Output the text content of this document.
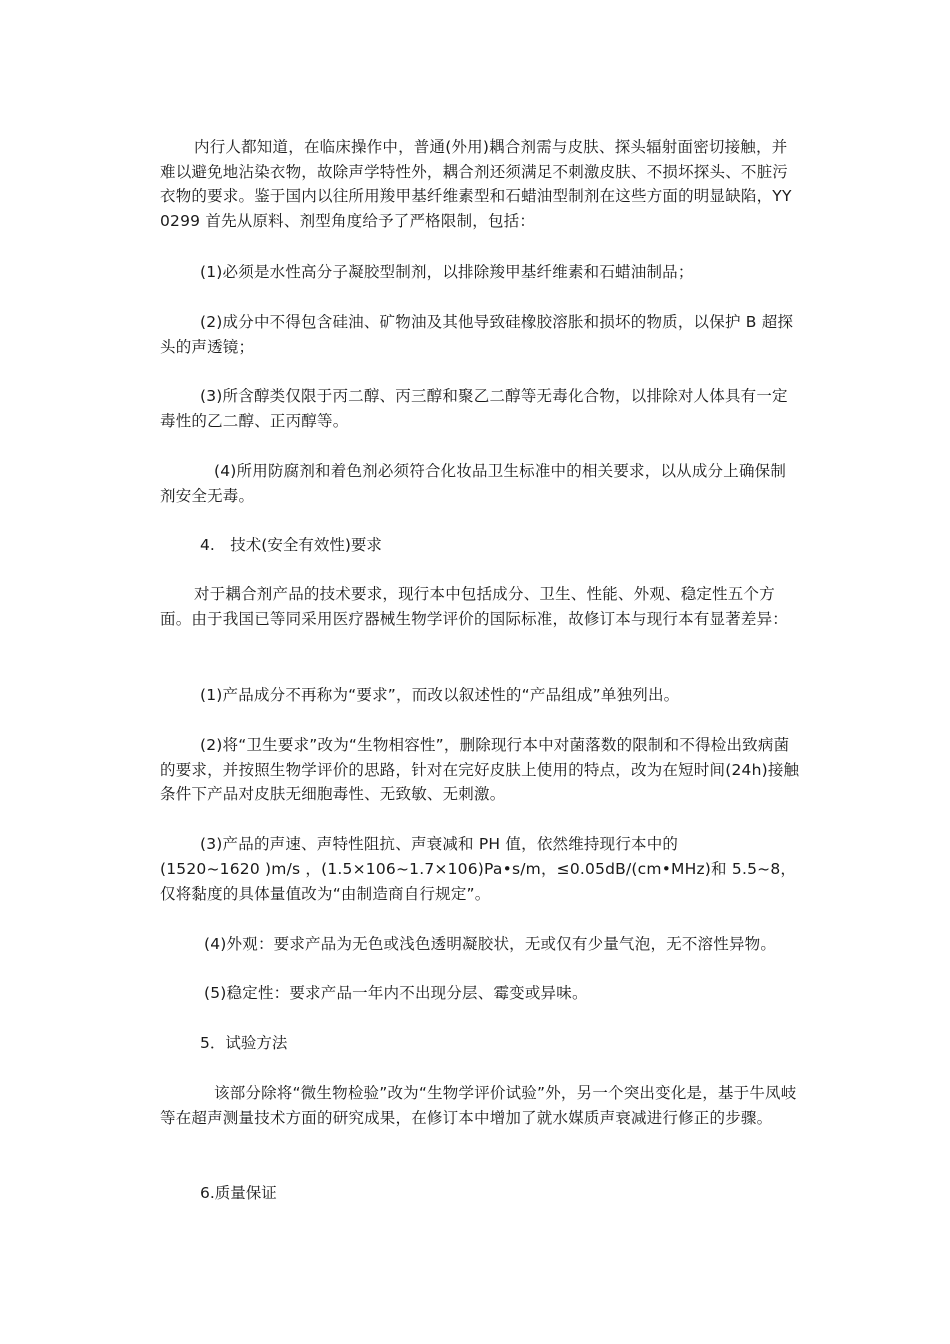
内行人都知道，在临床操作中，普通(外用)耦合剂需与皮肤、探头辐射面密切接触，并难以避免地沾染衣物，故除声学特性外，耦合剂还须满足不刺激皮肤、不损坏探头、不脏污衣物的要求。鉴于国内以往所用羧甲基纤维素型和石蜡油型制剂在这些方面的明显缺陷，YY0299 首先从原料、剂型角度给予了严格限制，包括：

(1)必须是水性高分子凝胶型制剂，以排除羧甲基纤维素和石蜡油制品；

(2)成分中不得包含硅油、矿物油及其他导致硅橡胶溶胀和损坏的物质，以保护 B 超探头的声透镜；

(3)所含醇类仅限于丙二醇、丙三醇和聚乙二醇等无毒化合物，以排除对人体具有一定毒性的乙二醇、正丙醇等。

(4)所用防腐剂和着色剂必须符合化妆品卫生标准中的相关要求，以从成分上确保制剂安全无毒。

4.　技术(安全有效性)要求

对于耦合剂产品的技术要求，现行本中包括成分、卫生、性能、外观、稳定性五个方面。由于我国已等同采用医疗器械生物学评价的国际标准，故修订本与现行本有显著差异：

(1)产品成分不再称为“要求”，而改以叙述性的“产品组成”单独列出。

(2)将“卫生要求”改为“生物相容性”，删除现行本中对菌落数的限制和不得检出致病菌的要求，并按照生物学评价的思路，针对在完好皮肤上使用的特点，改为在短时间(24h)接触条件下产品对皮肤无细胞毒性、无致敏、无刺激。

(3)产品的声速、声特性阻抗、声衰减和 PH 值，依然维持现行本中的

(1520~1620 )m/s ，(1.5×106~1.7×106)Pa•s/m，≤0.05dB/(cm•MHz)和 5.5~8，仅将黏度的具体量值改为“由制造商自行规定”。

(4)外观：要求产品为无色或浅色透明凝胶状，无或仅有少量气泡，无不溶性异物。

(5)稳定性：要求产品一年内不出现分层、霉变或异味。

5．试验方法

该部分除将“微生物检验”改为“生物学评价试验”外，另一个突出变化是，基于牛凤岐等在超声测量技术方面的研究成果，在修订本中增加了就水媒质声衰减进行修正的步骤。

6.质量保证
